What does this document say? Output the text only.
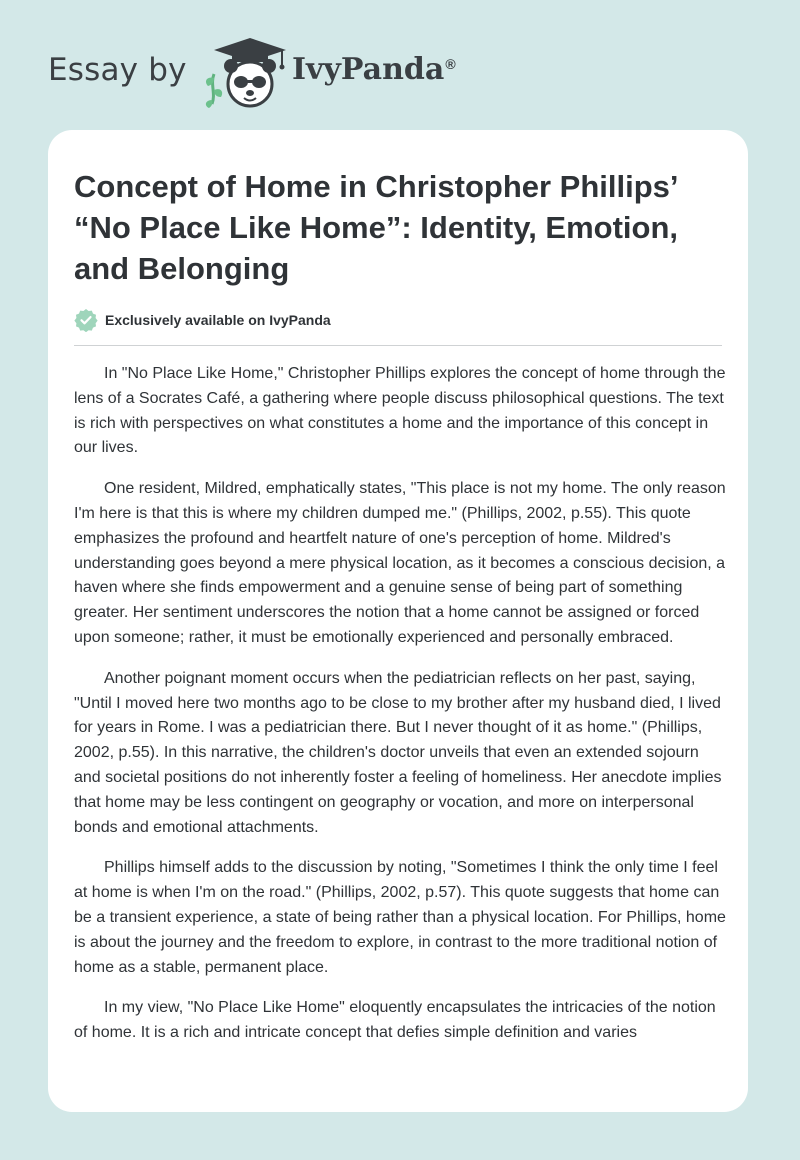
Essay by	IvyPanda®
Concept of Home in Christopher Phillips’ “No Place Like Home”: Identity, Emotion, and Belonging
Exclusively available on IvyPanda

In "No Place Like Home," Christopher Phillips explores the concept of home through the lens of a Socrates Café, a gathering where people discuss philosophical questions. The text is rich with perspectives on what constitutes a home and the importance of this concept in our lives.

One resident, Mildred, emphatically states, "This place is not my home. The only reason I'm here is that this is where my children dumped me." (Phillips, 2002, p.55). This quote emphasizes the profound and heartfelt nature of one's perception of home. Mildred's understanding goes beyond a mere physical location, as it becomes a conscious decision, a haven where she finds empowerment and a genuine sense of being part of something greater. Her sentiment underscores the notion that a home cannot be assigned or forced upon someone; rather, it must be emotionally experienced and personally embraced.

Another poignant moment occurs when the pediatrician reflects on her past, saying, "Until I moved here two months ago to be close to my brother after my husband died, I lived for years in Rome. I was a pediatrician there. But I never thought of it as home." (Phillips, 2002, p.55). In this narrative, the children's doctor unveils that even an extended sojourn and societal positions do not inherently foster a feeling of homeliness. Her anecdote implies that home may be less contingent on geography or vocation, and more on interpersonal bonds and emotional attachments.

Phillips himself adds to the discussion by noting, "Sometimes I think the only time I feel at home is when I'm on the road." (Phillips, 2002, p.57). This quote suggests that home can be a transient experience, a state of being rather than a physical location. For Phillips, home is about the journey and the freedom to explore, in contrast to the more traditional notion of home as a stable, permanent place.

In my view, "No Place Like Home" eloquently encapsulates the intricacies of the notion of home. It is a rich and intricate concept that defies simple definition and varies
